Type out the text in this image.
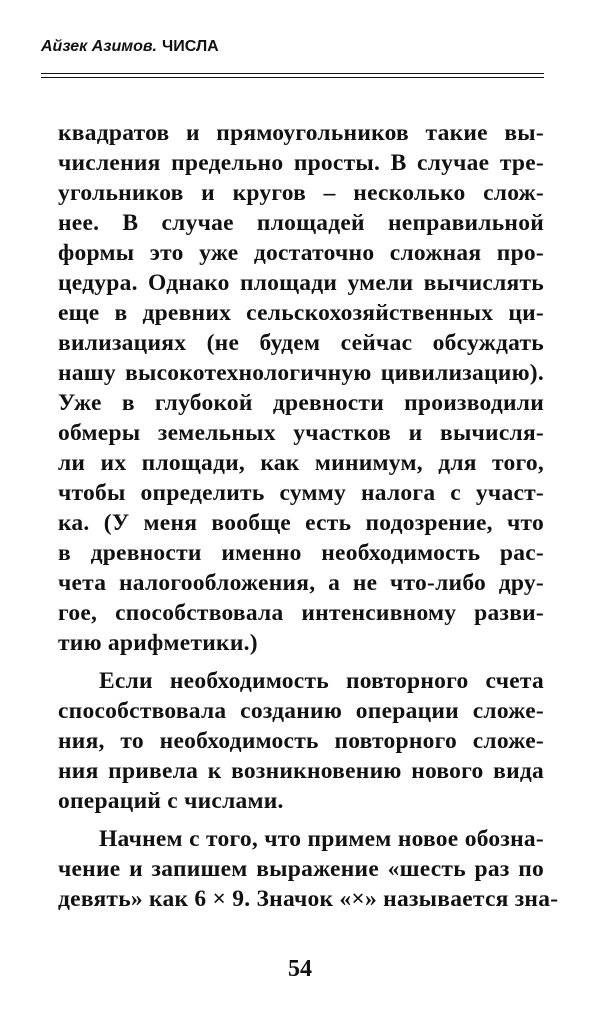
Айзек Азимов. ЧИСЛА
квадратов и прямоугольников такие вы-
числения предельно просты. В случае тре-
угольников и кругов – несколько слож-
нее. В случае площадей неправильной
формы это уже достаточно сложная про-
цедура. Однако площади умели вычислять
еще в древних сельскохозяйственных ци-
вилизациях (не будем сейчас обсуждать
нашу высокотехнологичную цивилизацию).
Уже в глубокой древности производили
обмеры земельных участков и вычисля-
ли их площади, как минимум, для того,
чтобы определить сумму налога с участ-
ка. (У меня вообще есть подозрение, что
в древности именно необходимость рас-
чета налогообложения, а не что-либо дру-
гое, способствовала интенсивному разви-
тию арифметики.)
Если необходимость повторного счета
способствовала созданию операции сложе-
ния, то необходимость повторного сложе-
ния привела к возникновению нового вида
операций с числами.
Начнем с того, что примем новое обозна-
чение и запишем выражение «шесть раз по
девять» как 6 × 9. Значок «×» называется зна-
54
